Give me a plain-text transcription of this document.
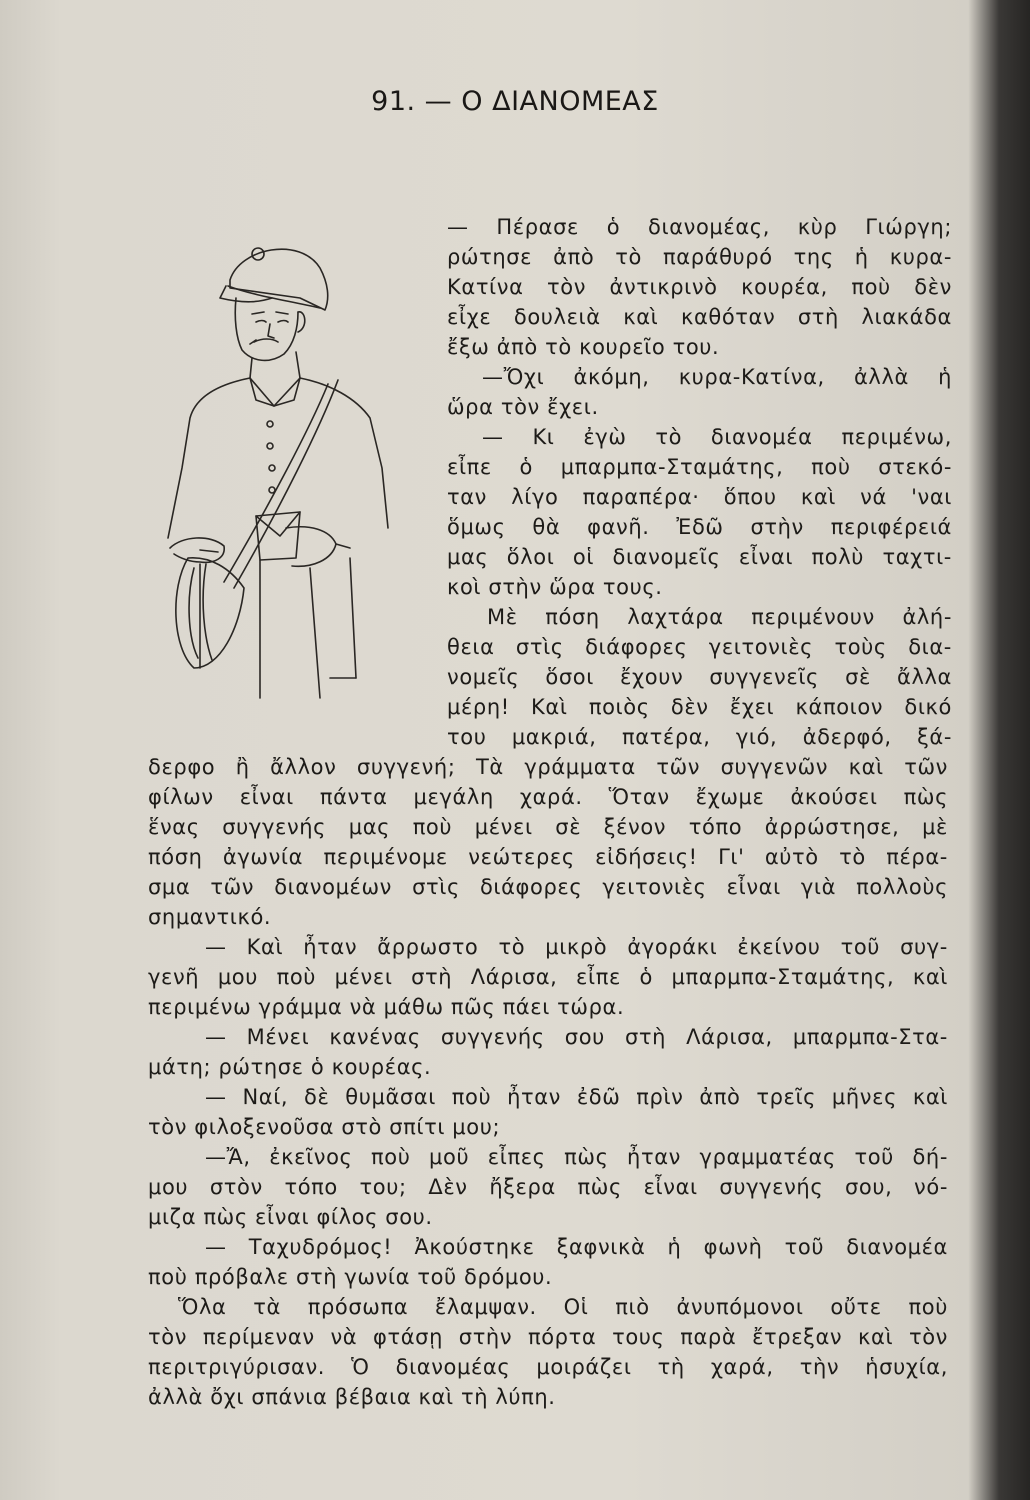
91. — Ο ΔΙΑΝΟΜΕΑΣ
— Πέρασε ὁ διανομέας, κὺρ Γιώργη;
ρώτησε ἀπὸ τὸ παράθυρό της ἡ κυρα-
Κατίνα τὸν ἀντικρινὸ κουρέα, ποὺ δὲν
εἶχε δουλειὰ καὶ καθόταν στὴ λιακάδα
ἔξω ἀπὸ τὸ κουρεῖο του.
—Ὄχι ἀκόμη, κυρα-Κατίνα, ἀλλὰ ἡ
ὥρα τὸν ἔχει.
— Κι ἐγὼ τὸ διανομέα περιμένω,
εἶπε ὁ μπαρμπα-Σταμάτης, ποὺ στεκό-
ταν λίγο παραπέρα· ὅπου καὶ νά 'ναι
ὅμως θὰ φανῆ. Ἐδῶ στὴν περιφέρειά
μας ὅλοι οἱ διανομεῖς εἶναι πολὺ ταχτι-
κοὶ στὴν ὥρα τους.
Μὲ πόση λαχτάρα περιμένουν ἀλή-
θεια στὶς διάφορες γειτονιὲς τοὺς δια-
νομεῖς ὅσοι ἔχουν συγγενεῖς σὲ ἄλλα
μέρη! Καὶ ποιὸς δὲν ἔχει κάποιον δικό
του μακριά, πατέρα, γιό, ἀδερφό, ξά-
δερφο ἢ ἄλλον συγγενή; Τὰ γράμματα τῶν συγγενῶν καὶ τῶν
φίλων εἶναι πάντα μεγάλη χαρά. Ὅταν ἔχωμε ἀκούσει πὼς
ἕνας συγγενής μας ποὺ μένει σὲ ξένον τόπο ἀρρώστησε, μὲ
πόση ἀγωνία περιμένομε νεώτερες εἰδήσεις! Γι' αὐτὸ τὸ πέρα-
σμα τῶν διανομέων στὶς διάφορες γειτονιὲς εἶναι γιὰ πολλοὺς
σημαντικό.
— Καὶ ἦταν ἄρρωστο τὸ μικρὸ ἀγοράκι ἐκείνου τοῦ συγ-
γενῆ μου ποὺ μένει στὴ Λάρισα, εἶπε ὁ μπαρμπα-Σταμάτης, καὶ
περιμένω γράμμα νὰ μάθω πῶς πάει τώρα.
— Μένει κανένας συγγενής σου στὴ Λάρισα, μπαρμπα-Στα-
μάτη; ρώτησε ὁ κουρέας.
— Ναί, δὲ θυμᾶσαι ποὺ ἦταν ἐδῶ πρὶν ἀπὸ τρεῖς μῆνες καὶ
τὸν φιλοξενοῦσα στὸ σπίτι μου;
—Ἄ, ἐκεῖνος ποὺ μοῦ εἶπες πὼς ἦταν γραμματέας τοῦ δή-
μου στὸν τόπο του; Δὲν ἤξερα πὼς εἶναι συγγενής σου, νό-
μιζα πὼς εἶναι φίλος σου.
— Ταχυδρόμος! Ἀκούστηκε ξαφνικὰ ἡ φωνὴ τοῦ διανομέα
ποὺ πρόβαλε στὴ γωνία τοῦ δρόμου.
Ὅλα τὰ πρόσωπα ἔλαμψαν. Οἱ πιὸ ἀνυπόμονοι οὔτε ποὺ
τὸν περίμεναν νὰ φτάσῃ στὴν πόρτα τους παρὰ ἔτρεξαν καὶ τὸν
περιτριγύρισαν. Ὁ διανομέας μοιράζει τὴ χαρά, τὴν ἡσυχία,
ἀλλὰ ὄχι σπάνια βέβαια καὶ τὴ λύπη.
